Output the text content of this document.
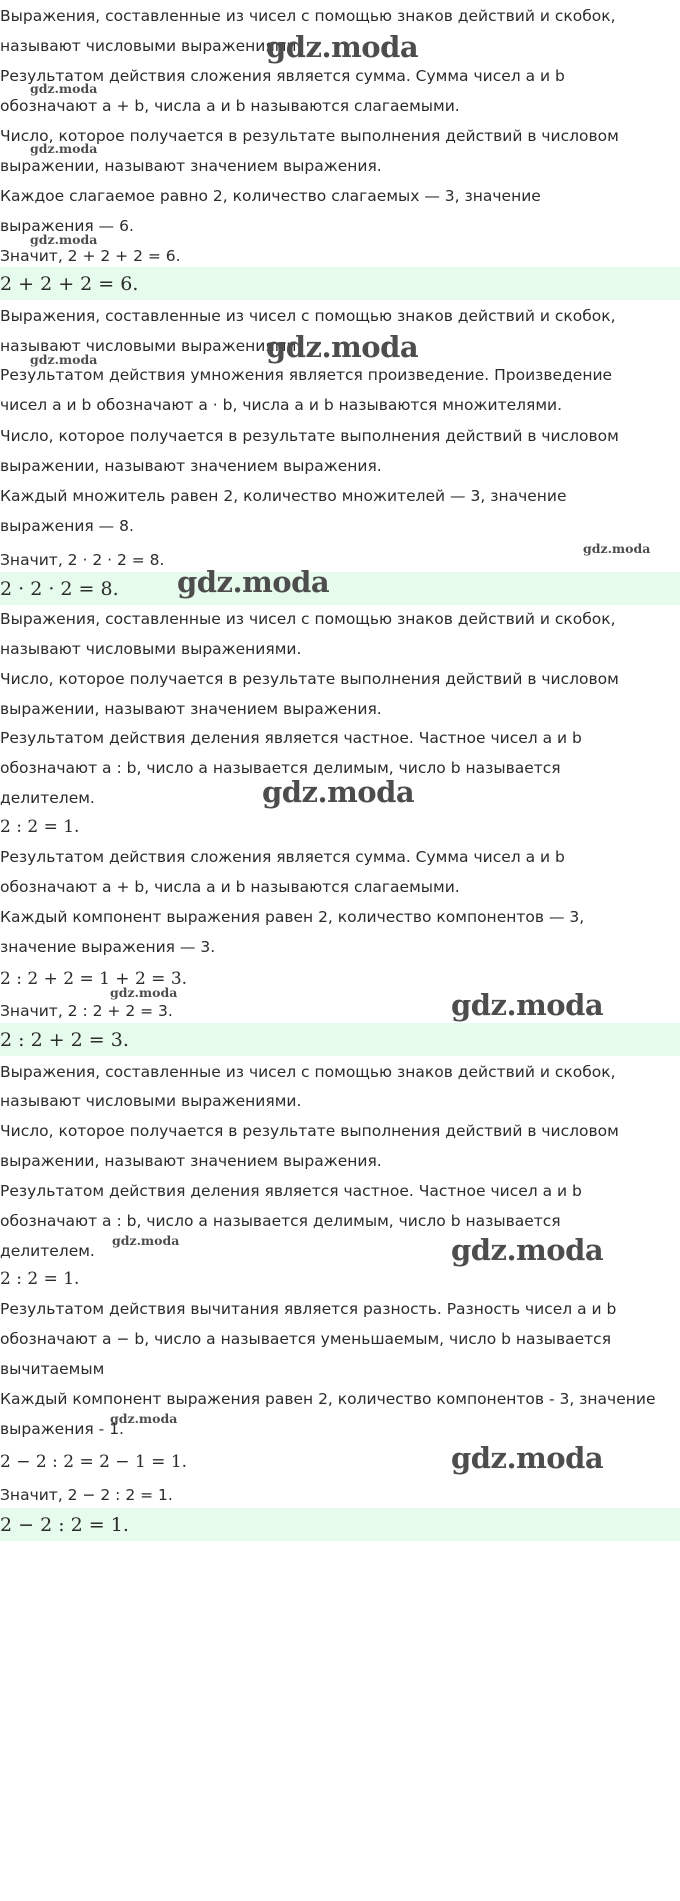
Выражения, составленные из чисел с помощью знаков действий и скобок,
называют числовыми выражениями.
Результатом действия сложения является сумма. Сумма чисел a и b
обозначают a + b, числа a и b называются слагаемыми.
Число, которое получается в результате выполнения действий в числовом
выражении, называют значением выражения.
Каждое слагаемое равно 2, количество слагаемых — 3, значение
выражения — 6.
Значит, 2 + 2 + 2 = 6.
2 + 2 + 2 = 6.
Выражения, составленные из чисел с помощью знаков действий и скобок,
называют числовыми выражениями.
Результатом действия умножения является произведение. Произведение
чисел a и b обозначают a · b, числа a и b называются множителями.
Число, которое получается в результате выполнения действий в числовом
выражении, называют значением выражения.
Каждый множитель равен 2, количество множителей — 3, значение
выражения — 8.
Значит, 2 · 2 · 2 = 8.
2 · 2 · 2 = 8.
Выражения, составленные из чисел с помощью знаков действий и скобок,
называют числовыми выражениями.
Число, которое получается в результате выполнения действий в числовом
выражении, называют значением выражения.
Результатом действия деления является частное. Частное чисел a и b
обозначают a : b, число a называется делимым, число b называется
делителем.
2 : 2 = 1.
Результатом действия сложения является сумма. Сумма чисел a и b
обозначают a + b, числа a и b называются слагаемыми.
Каждый компонент выражения равен 2, количество компонентов — 3,
значение выражения — 3.
2 : 2 + 2 = 1 + 2 = 3.
Значит, 2 : 2 + 2 = 3.
2 : 2 + 2 = 3.
Выражения, составленные из чисел с помощью знаков действий и скобок,
называют числовыми выражениями.
Число, которое получается в результате выполнения действий в числовом
выражении, называют значением выражения.
Результатом действия деления является частное. Частное чисел a и b
обозначают a : b, число a называется делимым, число b называется
делителем.
2 : 2 = 1.
Результатом действия вычитания является разность. Разность чисел a и b
обозначают a − b, число a называется уменьшаемым, число b называется
вычитаемым
Каждый компонент выражения равен 2, количество компонентов - 3, значение
выражения - 1.
2 − 2 : 2 = 2 − 1 = 1.
Значит, 2 − 2 : 2 = 1.
2 − 2 : 2 = 1.
gdz.moda
gdz.moda
gdz.moda
gdz.moda
gdz.moda
gdz.moda
gdz.moda
gdz.moda
gdz.moda
gdz.moda	gdz.moda
gdz.moda	gdz.moda
gdz.moda
gdz.moda
